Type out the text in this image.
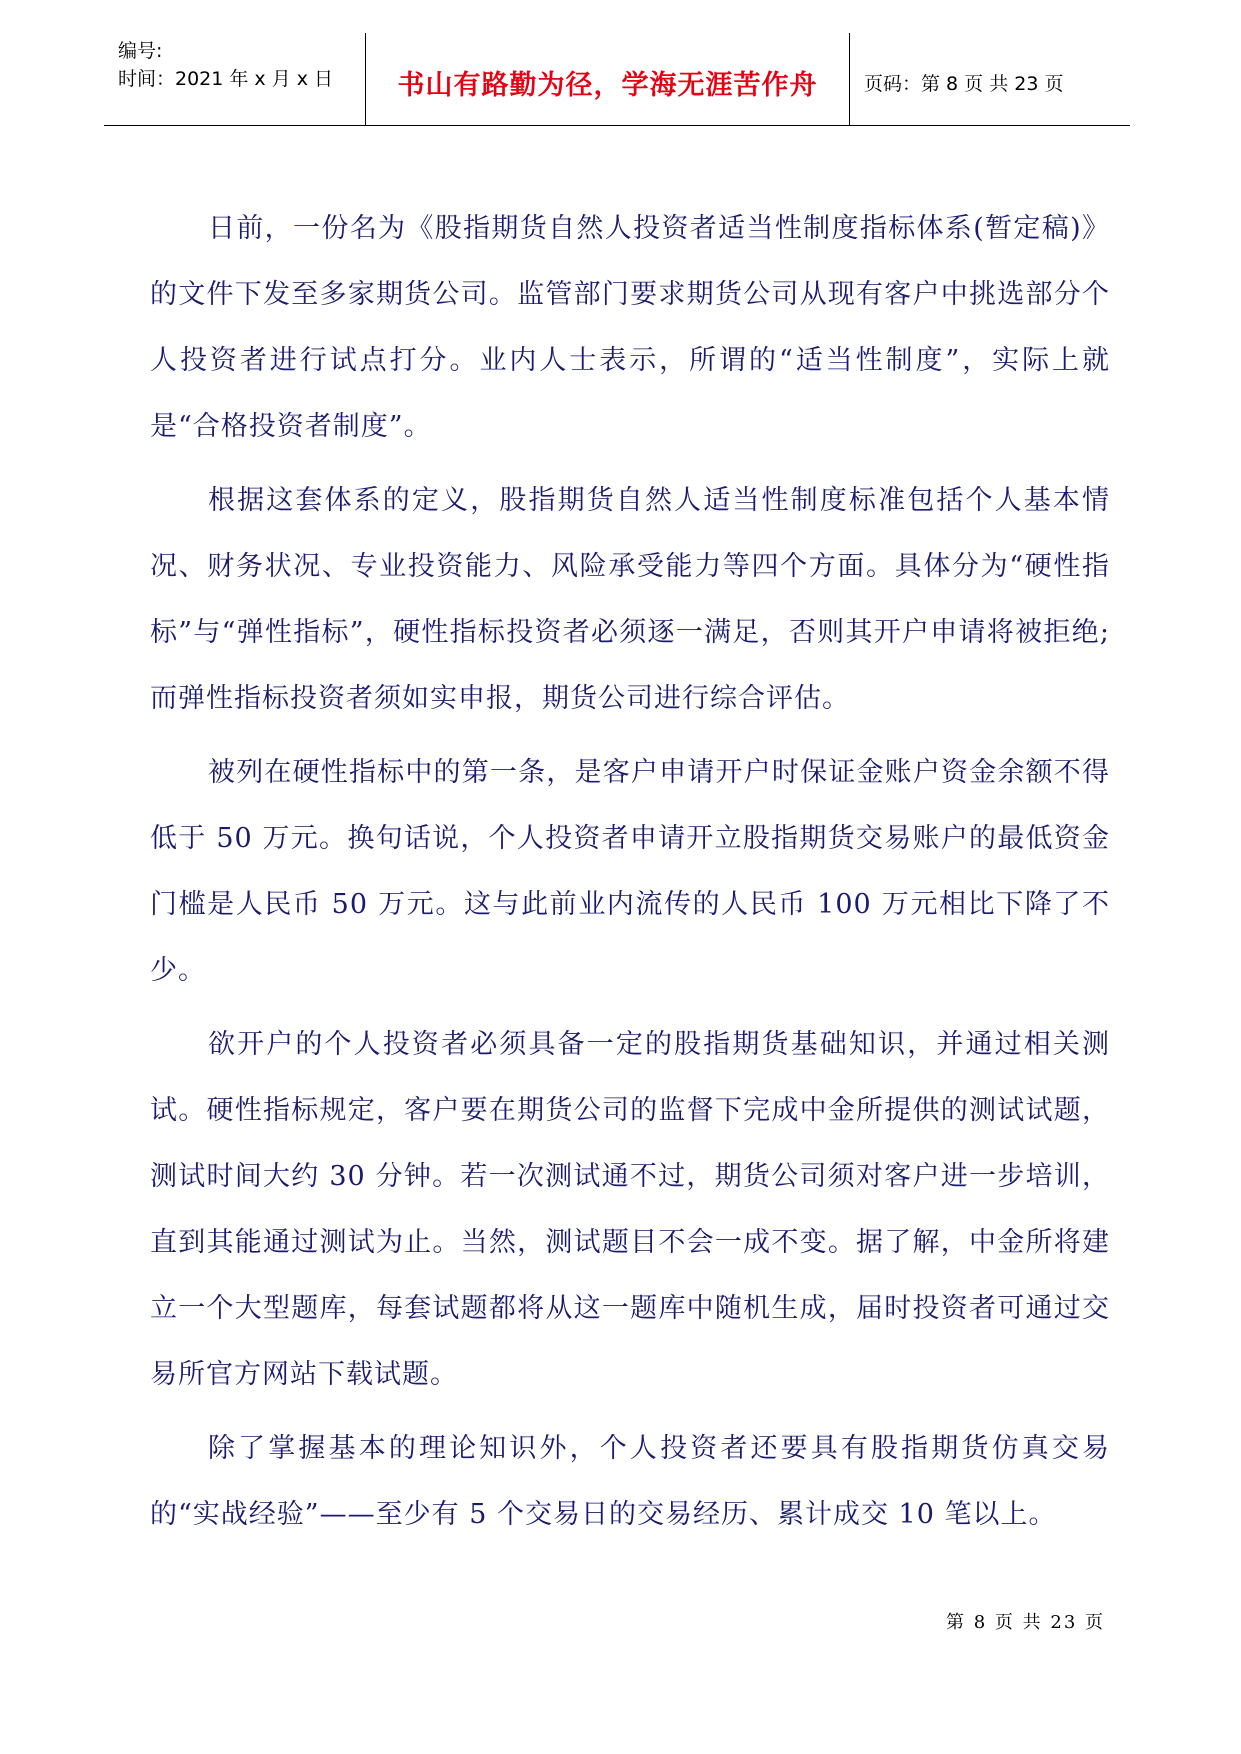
编号:
时间：2021 年 x 月 x 日	书山有路勤为径，学海无涯苦作舟 页码：第 8 页 共 23 页

日前，一份名为《股指期货自然人投资者适当性制度指标体系(暂定稿)》的文件下发至多家期货公司。监管部门要求期货公司从现有客户中挑选部分个人投资者进行试点打分。业内人士表示，所谓的“适当性制度”，实际上就是“合格投资者制度”。

根据这套体系的定义，股指期货自然人适当性制度标准包括个人基本情况、财务状况、专业投资能力、风险承受能力等四个方面。具体分为“硬性指标”与“弹性指标”，硬性指标投资者必须逐一满足，否则其开户申请将被拒绝;而弹性指标投资者须如实申报，期货公司进行综合评估。

被列在硬性指标中的第一条，是客户申请开户时保证金账户资金余额不得低于 50 万元。换句话说，个人投资者申请开立股指期货交易账户的最低资金门槛是人民币 50 万元。这与此前业内流传的人民币 100 万元相比下降了不少。

欲开户的个人投资者必须具备一定的股指期货基础知识，并通过相关测试。硬性指标规定，客户要在期货公司的监督下完成中金所提供的测试试题，测试时间大约 30 分钟。若一次测试通不过，期货公司须对客户进一步培训，直到其能通过测试为止。当然，测试题目不会一成不变。据了解，中金所将建立一个大型题库，每套试题都将从这一题库中随机生成，届时投资者可通过交易所官方网站下载试题。

除了掌握基本的理论知识外，个人投资者还要具有股指期货仿真交易的“实战经验”——至少有 5 个交易日的交易经历、累计成交 10 笔以上。

第 8 页 共 23 页
